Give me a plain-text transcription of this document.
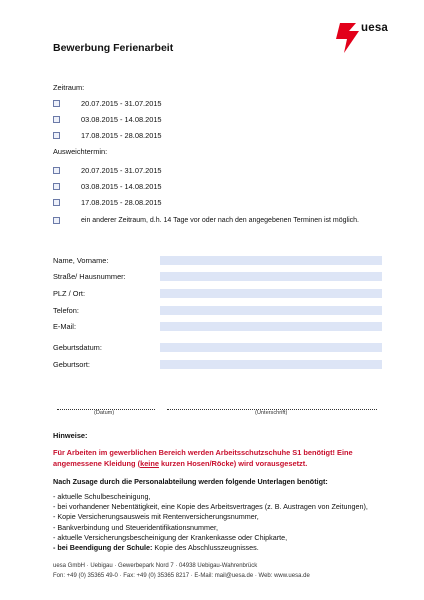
Bewerbung Ferienarbeit
uesa
Zeitraum:
20.07.2015 - 31.07.2015
03.08.2015 - 14.08.2015
17.08.2015 - 28.08.2015
Ausweichtermin:
20.07.2015 - 31.07.2015
03.08.2015 - 14.08.2015
17.08.2015 - 28.08.2015
ein anderer Zeitraum, d.h. 14 Tage vor oder nach den angegebenen Terminen ist möglich.
Name, Vorname:
Straße/ Hausnummer:
PLZ / Ort:
Telefon:
E-Mail:
Geburtsdatum:
Geburtsort:
(Datum)	(Unterschrift)
Hinweise:
Für Arbeiten im gewerblichen Bereich werden Arbeitsschutzschuhe S1 benötigt! Eine angemessene Kleidung (keine kurzen Hosen/Röcke) wird vorausgesetzt.
Nach Zusage durch die Personalabteilung werden folgende Unterlagen benötigt:
- aktuelle Schulbescheinigung,
- bei vorhandener Nebentätigkeit, eine Kopie des Arbeitsvertrages (z. B. Austragen von Zeitungen),
- Kopie Versicherungsausweis mit Rentenversicherungsnummer,
- Bankverbindung und Steueridentifikationsnummer,
- aktuelle Versicherungsbescheinigung der Krankenkasse oder Chipkarte,
- bei Beendigung der Schule: Kopie des Abschlusszeugnisses.
uesa GmbH · Uebigau · Gewerbepark Nord 7 · 04938 Uebigau-Wahrenbrück
Fon: +49 (0) 35365 49-0 · Fax: +49 (0) 35365 8217 · E-Mail: mail@uesa.de · Web: www.uesa.de
